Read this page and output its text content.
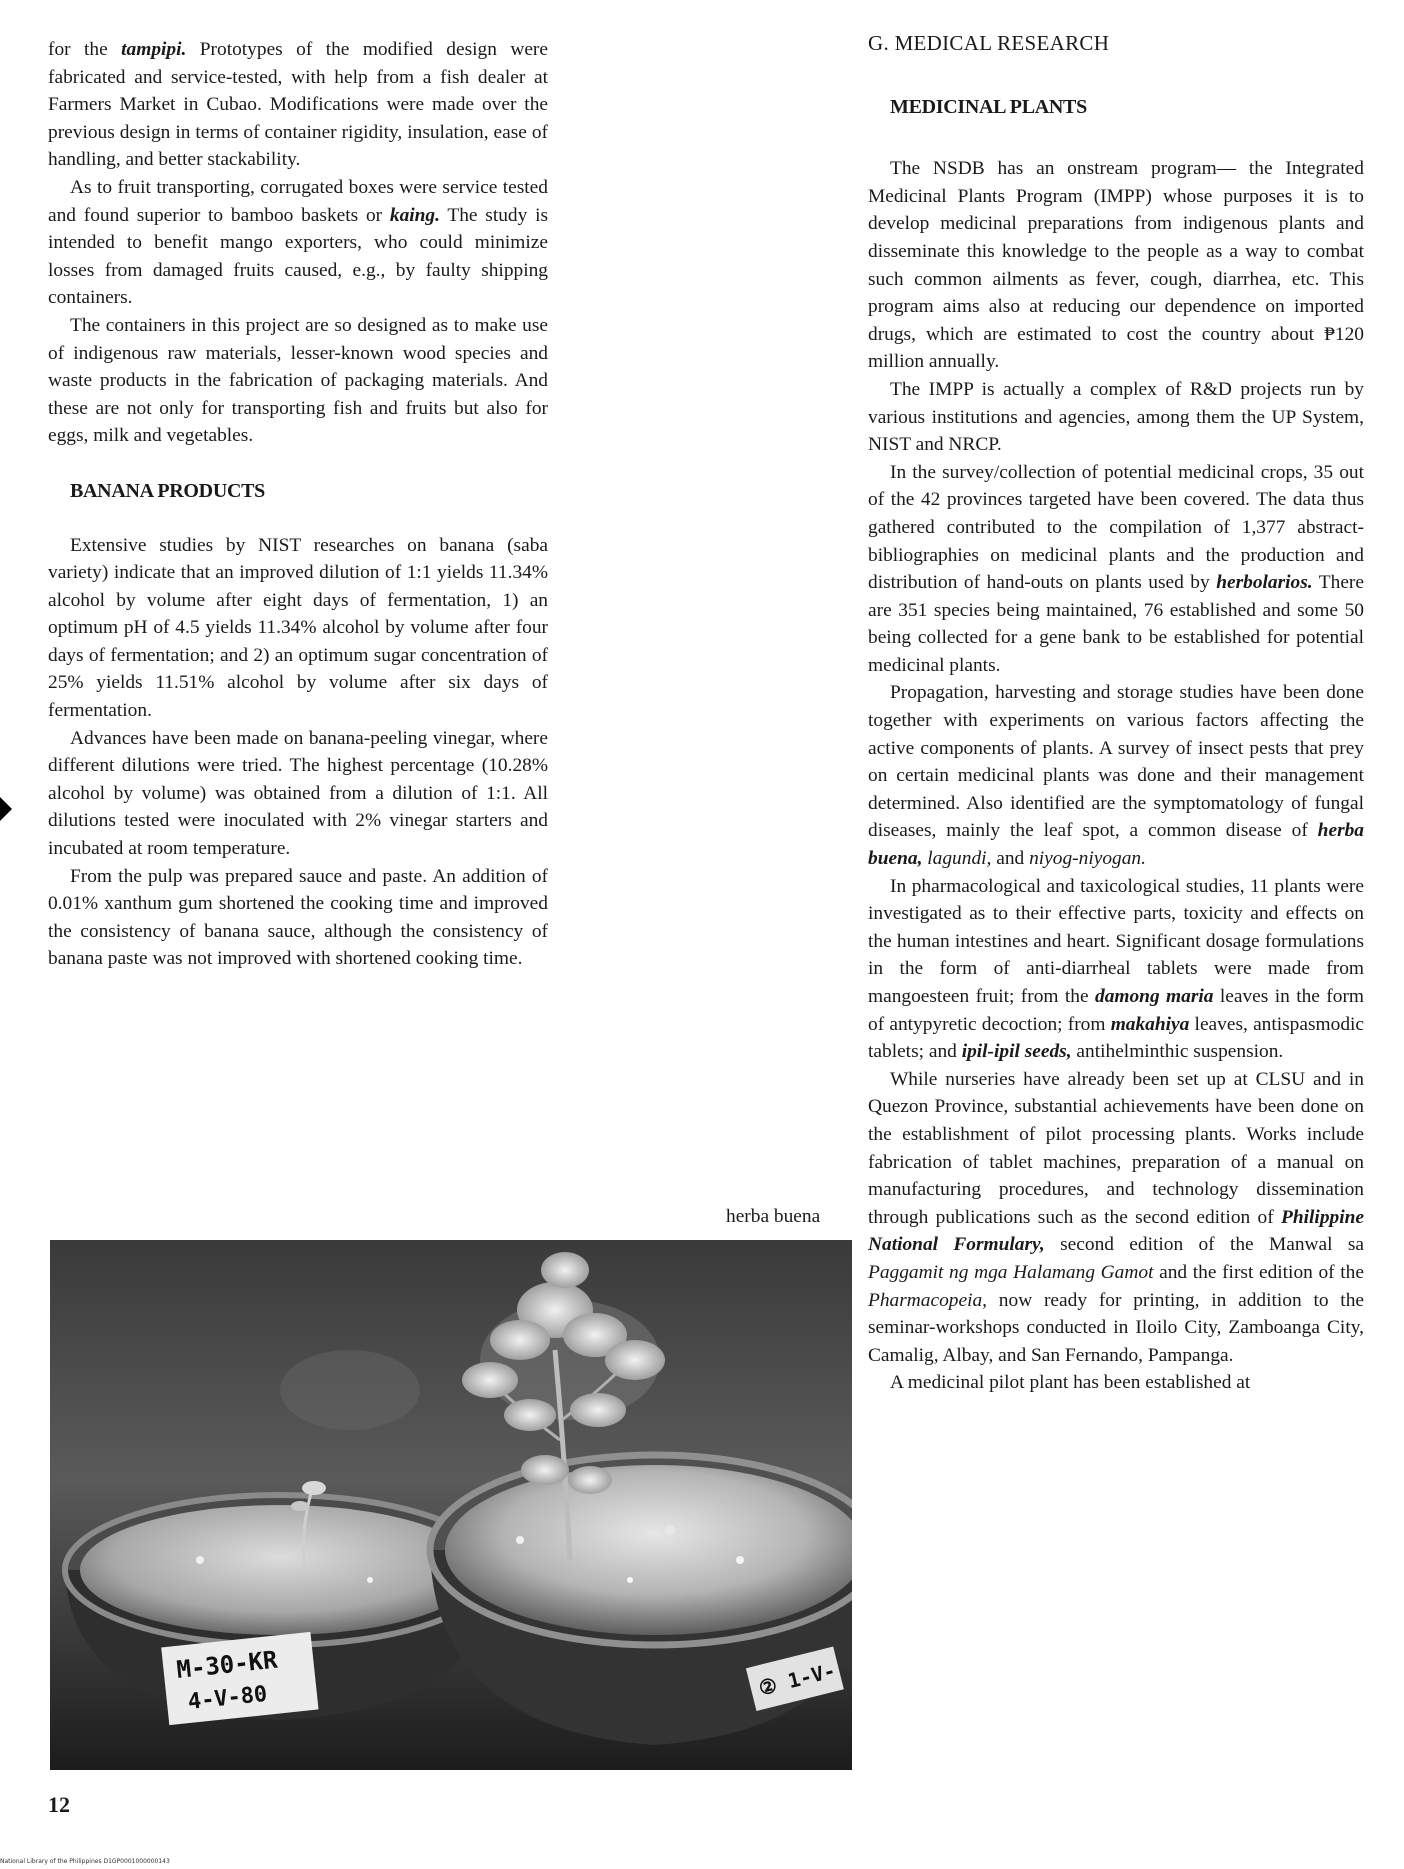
for the tampipi. Prototypes of the modified design were fabricated and service-tested, with help from a fish dealer at Farmers Market in Cubao. Modifications were made over the previous design in terms of container rigidity, insulation, ease of handling, and better stackability.

As to fruit transporting, corrugated boxes were service tested and found superior to bamboo baskets or kaing. The study is intended to benefit mango exporters, who could minimize losses from damaged fruits caused, e.g., by faulty shipping containers.

The containers in this project are so designed as to make use of indigenous raw materials, lesser-known wood species and waste products in the fabrication of packaging materials. And these are not only for transporting fish and fruits but also for eggs, milk and vegetables.

BANANA PRODUCTS

Extensive studies by NIST researches on banana (saba variety) indicate that an improved dilution of 1:1 yields 11.34% alcohol by volume after eight days of fermentation, 1) an optimum pH of 4.5 yields 11.34% alcohol by volume after four days of fermentation; and 2) an optimum sugar concentration of 25% yields 11.51% alcohol by volume after six days of fermentation.

Advances have been made on banana-peeling vinegar, where different dilutions were tried. The highest percentage (10.28% alcohol by volume) was obtained from a dilution of 1:1. All dilutions tested were inoculated with 2% vinegar starters and incubated at room temperature.

From the pulp was prepared sauce and paste. An addition of 0.01% xanthum gum shortened the cooking time and improved the consistency of banana sauce, although the consistency of banana paste was not improved with shortened cooking time.

G. MEDICAL RESEARCH

MEDICINAL PLANTS

The NSDB has an onstream program— the Integrated Medicinal Plants Program (IMPP) whose purposes it is to develop medicinal preparations from indigenous plants and disseminate this knowledge to the people as a way to combat such common ailments as fever, cough, diarrhea, etc. This program aims also at reducing our dependence on imported drugs, which are estimated to cost the country about ₱120 million annually.

The IMPP is actually a complex of R&D projects run by various institutions and agencies, among them the UP System, NIST and NRCP.

In the survey/collection of potential medicinal crops, 35 out of the 42 provinces targeted have been covered. The data thus gathered contributed to the compilation of 1,377 abstract-bibliographies on medicinal plants and the production and distribution of hand-outs on plants used by herbolarios. There are 351 species being maintained, 76 established and some 50 being collected for a gene bank to be established for potential medicinal plants.

Propagation, harvesting and storage studies have been done together with experiments on various factors affecting the active components of plants. A survey of insect pests that prey on certain medicinal plants was done and their management determined. Also identified are the symptomatology of fungal diseases, mainly the leaf spot, a common disease of herba buena, lagundi, and niyog-niyogan.

In pharmacological and taxicological studies, 11 plants were investigated as to their effective parts, toxicity and effects on the human intestines and heart. Significant dosage formulations in the form of anti-diarrheal tablets were made from mangoesteen fruit; from the damong maria leaves in the form of antypyretic decoction; from makahiya leaves, antispasmodic tablets; and ipil-ipil seeds, antihelminthic suspension.

While nurseries have already been set up at CLSU and in Quezon Province, substantial achievements have been done on the establishment of pilot processing plants. Works include fabrication of tablet machines, preparation of a manual on manufacturing procedures, and technology dissemination through publications such as the second edition of Philippine National Formulary, second edition of the Manwal sa Paggamit ng mga Halamang Gamot and the first edition of the Pharmacopeia, now ready for printing, in addition to the seminar-workshops conducted in Iloilo City, Zamboanga City, Camalig, Albay, and San Fernando, Pampanga.

A medicinal pilot plant has been established at

herba buena
M-30-KR
4-V-80	② 1-V-
12
National Library of the Philippines D1GP0001000000143
